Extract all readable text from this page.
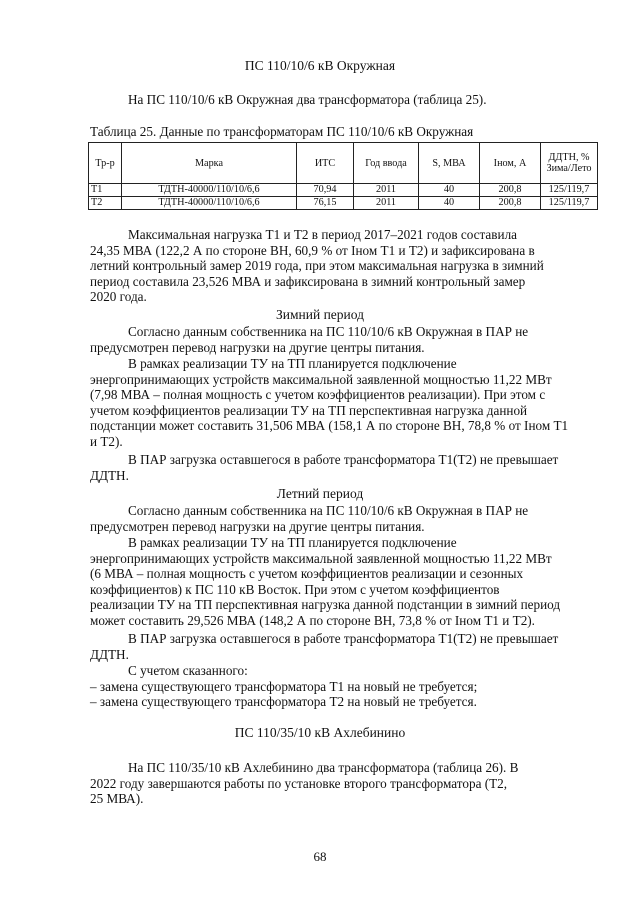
ПС 110/10/6 кВ Окружная
На ПС 110/10/6 кВ Окружная два трансформатора (таблица 25).
Таблица 25. Данные по трансформаторам ПС 110/10/6 кВ Окружная
Тр-р	Марка	ИТС	Год ввода	S, МВА	Iном, А	ДДТН, % Зима/Лето
Т1	ТДТН-40000/110/10/6,6	70,94	2011	40	200,8	125/119,7
Т2	ТДТН-40000/110/10/6,6	76,15	2011	40	200,8	125/119,7
Максимальная нагрузка Т1 и Т2 в период 2017–2021 годов составила
24,35 МВА (122,2 А по стороне ВН, 60,9 % от Iном Т1 и Т2) и зафиксирована в
летний контрольный замер 2019 года, при этом максимальная нагрузка в зимний
период составила 23,526 МВА и зафиксирована в зимний контрольный замер
2020 года.
Зимний период
Согласно данным собственника на ПС 110/10/6 кВ Окружная в ПАР не
предусмотрен перевод нагрузки на другие центры питания.
В рамках реализации ТУ на ТП планируется подключение
энергопринимающих устройств максимальной заявленной мощностью 11,22 МВт
(7,98 МВА – полная мощность с учетом коэффициентов реализации). При этом с
учетом коэффициентов реализации ТУ на ТП перспективная нагрузка данной
подстанции может составить 31,506 МВА (158,1 А по стороне ВН, 78,8 % от Iном Т1
и Т2).
В ПАР загрузка оставшегося в работе трансформатора Т1(Т2) не превышает
ДДТН.
Летний период
Согласно данным собственника на ПС 110/10/6 кВ Окружная в ПАР не
предусмотрен перевод нагрузки на другие центры питания.
В рамках реализации ТУ на ТП планируется подключение
энергопринимающих устройств максимальной заявленной мощностью 11,22 МВт
(6 МВА – полная мощность с учетом коэффициентов реализации и сезонных
коэффициентов) к ПС 110 кВ Восток. При этом с учетом коэффициентов
реализации ТУ на ТП перспективная нагрузка данной подстанции в зимний период
может составить 29,526 МВА (148,2 А по стороне ВН, 73,8 % от Iном Т1 и Т2).
В ПАР загрузка оставшегося в работе трансформатора Т1(Т2) не превышает
ДДТН.
С учетом сказанного:
– замена существующего трансформатора Т1 на новый не требуется;
– замена существующего трансформатора Т2 на новый не требуется.
ПС 110/35/10 кВ Ахлебинино
На ПС 110/35/10 кВ Ахлебинино два трансформатора (таблица 26). В
2022 году завершаются работы по установке второго трансформатора (Т2,
25 МВА).
68
